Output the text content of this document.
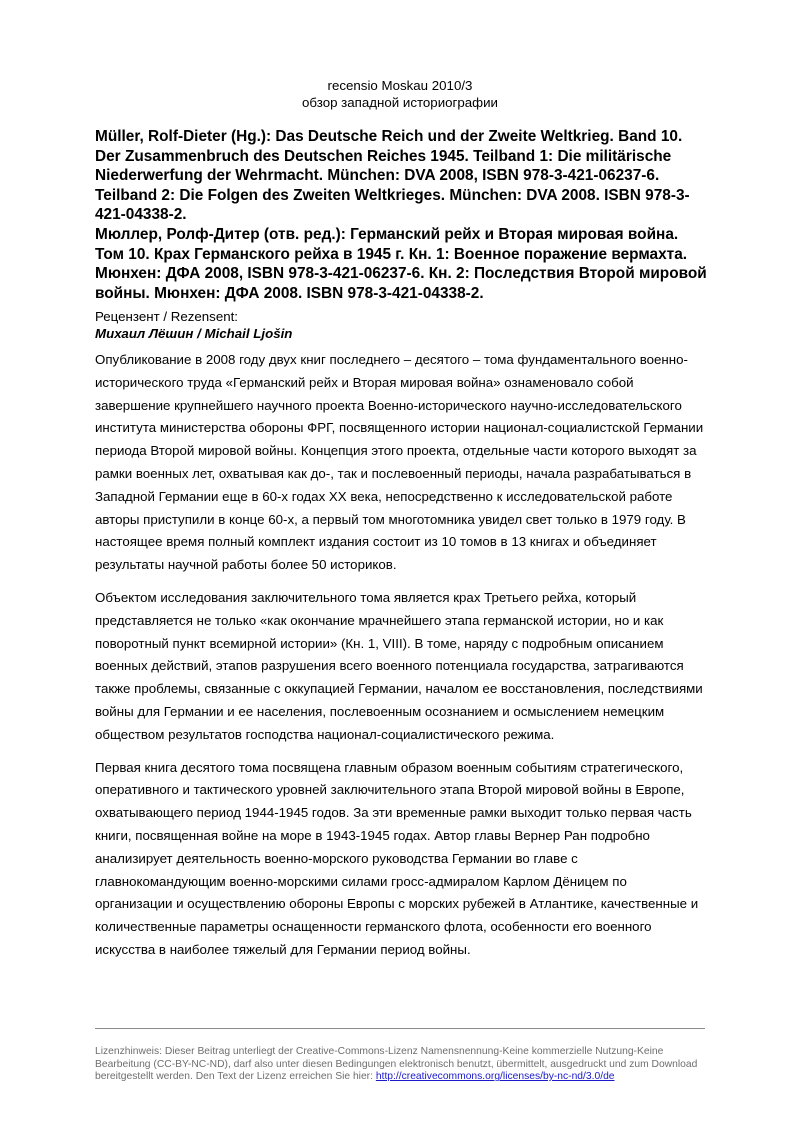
recensio Moskau 2010/3
обзор западной историографии

Müller, Rolf-Dieter (Hg.): Das Deutsche Reich und der Zweite Weltkrieg. Band 10. Der Zusammenbruch des Deutschen Reiches 1945. Teilband 1: Die militärische Niederwerfung der Wehrmacht. München: DVA 2008, ISBN 978-3-421-06237-6. Teilband 2: Die Folgen des Zweiten Weltkrieges. München: DVA 2008. ISBN 978-3-421-04338-2.

Мюллер, Ролф-Дитер (отв. ред.): Германский рейх и Вторая мировая война. Том 10. Крах Германского рейха в 1945 г. Кн. 1: Военное поражение вермахта. Мюнхен: ДФА 2008, ISBN 978-3-421-06237-6. Кн. 2: Последствия Второй мировой войны. Мюнхен: ДФА 2008. ISBN 978-3-421-04338-2.

Рецензент / Rezensent:
Михаил Лёшин / Michail Ljošin

Опубликование в 2008 году двух книг последнего – десятого – тома фундаментального военно-исторического труда «Германский рейх и Вторая мировая война» ознаменовало собой завершение крупнейшего научного проекта Военно-исторического научно-исследовательского института министерства обороны ФРГ, посвященного истории национал-социалистской Германии периода Второй мировой войны. Концепция этого проекта, отдельные части которого выходят за рамки военных лет, охватывая как до-, так и послевоенный периоды, начала разрабатываться в Западной Германии еще в 60-х годах XX века, непосредственно к исследовательской работе авторы приступили в конце 60-х, а первый том многотомника увидел свет только в 1979 году. В настоящее время полный комплект издания состоит из 10 томов в 13 книгах и объединяет результаты научной работы более 50 историков.

Объектом исследования заключительного тома является крах Третьего рейха, который представляется не только «как окончание мрачнейшего этапа германской истории, но и как поворотный пункт всемирной истории» (Кн. 1, VIII). В томе, наряду с подробным описанием военных действий, этапов разрушения всего военного потенциала государства, затрагиваются также проблемы, связанные с оккупацией Германии, началом ее восстановления, последствиями войны для Германии и ее населения, послевоенным осознанием и осмыслением немецким обществом результатов господства национал-социалистического режима.

Первая книга десятого тома посвящена главным образом военным событиям стратегического, оперативного и тактического уровней заключительного этапа Второй мировой войны в Европе, охватывающего период 1944-1945 годов. За эти временные рамки выходит только первая часть книги, посвященная войне на море в 1943-1945 годах. Автор главы Вернер Ран подробно анализирует деятельность военно-морского руководства Германии во главе с главнокомандующим военно-морскими силами гросс-адмиралом Карлом Дёницем по организации и осуществлению обороны Европы с морских рубежей в Атлантике, качественные и количественные параметры оснащенности германского флота, особенности его военного искусства в наиболее тяжелый для Германии период войны.

Lizenzhinweis: Dieser Beitrag unterliegt der Creative-Commons-Lizenz Namensnennung-Keine kommerzielle Nutzung-Keine Bearbeitung (CC-BY-NC-ND), darf also unter diesen Bedingungen elektronisch benutzt, übermittelt, ausgedruckt und zum Download bereitgestellt werden. Den Text der Lizenz erreichen Sie hier: http://creativecommons.org/licenses/by-nc-nd/3.0/de
